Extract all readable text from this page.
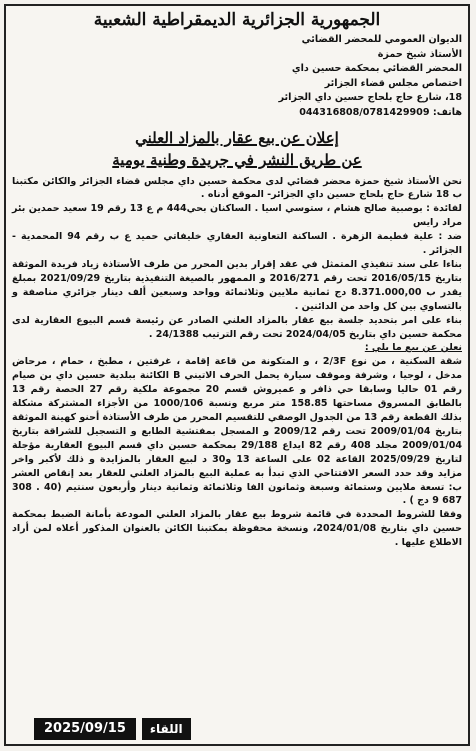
الجمهورية الجزائرية الديمقراطية الشعبية
الديوان العمومي للمحضر القضائي
الأستاذ شيخ حمزة
المحضر القضائي بمحكمة حسين داي
اختصاص مجلس قضاء الجزائر
18، شارع حاج بلحاج حسين داي الجزائر
هاتف: 044316808/0781429909
إعلان عن بيع عقار بالمزاد العلني
عن طريق النشر في جريدة وطنية يومية

نحن الأستاذ شيخ حمزة محضر قضائي لدى محكمة حسين داي مجلس قضاء الجزائر والكائن مكتبنا ب 18 شارع حاج بلحاج حسين داي الجزائر- الموقع أدناه .

لفائدة : بوصبية صالح هشام ، ستوسي اسيا . الساكنان بحي444 م ع 13 رقم 19 سعيد حمدين بئر مراد رايس

ضد : علية فطيمة الزهرة . الساكنة التعاونية العقاري خليفاتي حميد ع ب رقم 94 المحمدية - الجزائر .

بناءا على سند تنفيذي المتمثل في عقد إقرار بدين المحرر من طرف الأستاذة زياد فريدة الموثقة بتاريخ 2016/05/15 تحت رقم 2016/271 و الممهور بالصيغة التنفيذية بتاريخ 2021/09/29 بمبلغ يقدر ب 8.371.000,00 دج ثمانية ملايين وثلاثمائة وواحد وسبعين ألف دينار جزائري مناصفة و بالتساوي بين كل واحد من الدائنين .

بناء على امر بتحديد جلسة بيع عقار بالمزاد العلني الصادر عن رئيسة قسم البيوع العقارية لدى محكمة حسين داي بتاريخ 2024/04/05 تحت رقم الترتيب 24/1388 .

نعلن عن بيع ما يلي :

شقة السكنية ، من نوع 2/3F ، و المتكونة من قاعة إقامة ، غرفتين ، مطبخ ، حمام ، مرحاض مدخل ، لوجيا ، وشرفة وموقف سيارة يحمل الحرف الاتيني B الكائنة ببلدية حسين داي بن صيام رقم 01 حاليا وسابقا حي ذافر و عميروش قسم 20 مجموعة ملكية رقم 27 الحصة رقم 13 بالطابق المسروق مساحتها 158.85 متر مربع ونسبة 1000/106 من الأجزاء المشتركة مشكلة بذلك القطعة رقم 13 من الجدول الوصفي للتقسيم المحرر من طرف الأستاذة أحنو كهينة الموثقة بتاريخ 2009/01/04 تحت رقم 2009/12 و المسجل بمفتشية الطابع و التسجيل للشراقة بتاريخ 2009/01/04 مجلد 408 رقم 82 ايداع 29/188 بمحكمة حسين داي قسم البيوع العقارية مؤجلة لتاريخ 2025/09/29 القاعة 02 على الساعة 13 و30 د لبيع العقار بالمزايدة و ذلك لأكبر واخر مزايد وقد حدد السعر الافتتاحي الذي تبدأ به عملية البيع بالمزاد العلني للعقار بعد إنقاص العشر ب: تسعة ملايين وستمائة وسبعة وثمانون الفا وثلاثمائة وثمانية دينار وأربعون سنتيم (40 . 308 687 9 دج ) .

وفقا للشروط المحددة في قائمة شروط بيع عقار بالمزاد العلني المودعة بأمانة الضبط بمحكمة حسين داي بتاريخ 2024/01/08، ونسخة محفوظة بمكتبنا الكائن بالعنوان المذكور أعلاه لمن أراد الاطلاع عليها .

2025/09/15	اللقاء
